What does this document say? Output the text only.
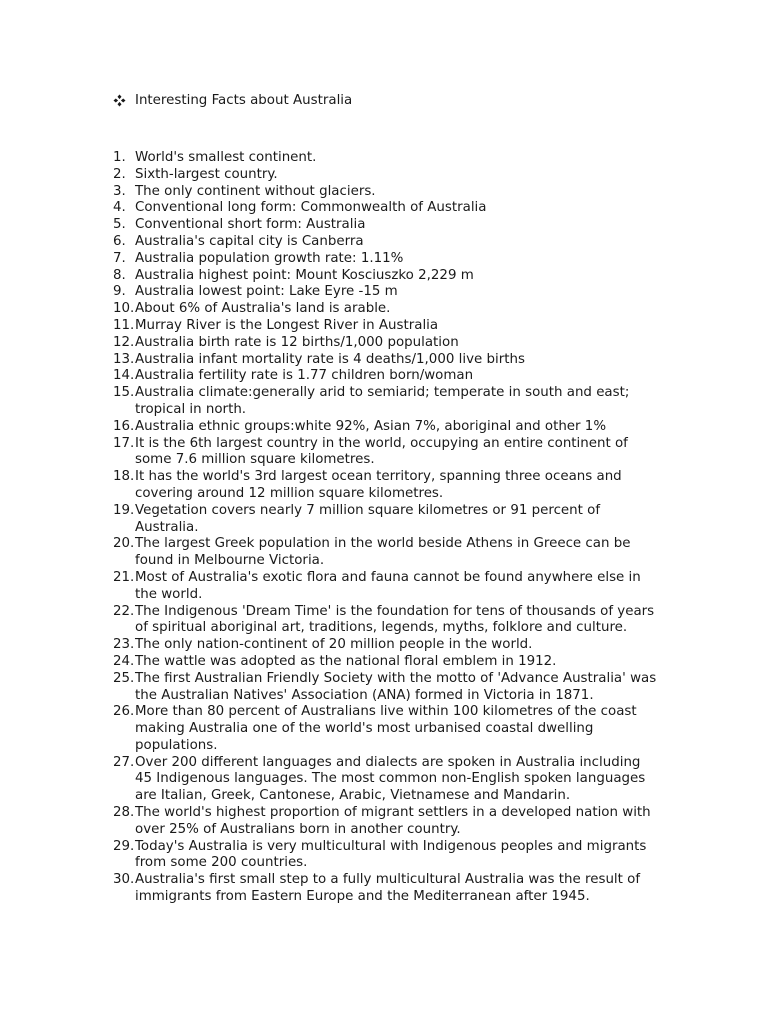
Interesting Facts about Australia
1. World's smallest continent.
2. Sixth-largest country.
3. The only continent without glaciers.
4. Conventional long form: Commonwealth of Australia
5. Conventional short form: Australia
6. Australia's capital city is Canberra
7. Australia population growth rate: 1.11%
8. Australia highest point: Mount Kosciuszko 2,229 m
9. Australia lowest point: Lake Eyre -15 m
10. About 6% of Australia's land is arable.
11. Murray River is the Longest River in Australia
12. Australia birth rate is 12 births/1,000 population
13. Australia infant mortality rate is 4 deaths/1,000 live births
14. Australia fertility rate is 1.77 children born/woman
15. Australia climate:generally arid to semiarid; temperate in south and east;
tropical in north.
16. Australia ethnic groups:white 92%, Asian 7%, aboriginal and other 1%
17. It is the 6th largest country in the world, occupying an entire continent of
some 7.6 million square kilometres.
18. It has the world's 3rd largest ocean territory, spanning three oceans and
covering around 12 million square kilometres.
19. Vegetation covers nearly 7 million square kilometres or 91 percent of
Australia.
20. The largest Greek population in the world beside Athens in Greece can be
found in Melbourne Victoria.
21. Most of Australia's exotic flora and fauna cannot be found anywhere else in
the world.
22. The Indigenous 'Dream Time' is the foundation for tens of thousands of years
of spiritual aboriginal art, traditions, legends, myths, folklore and culture.
23. The only nation-continent of 20 million people in the world.
24. The wattle was adopted as the national floral emblem in 1912.
25. The first Australian Friendly Society with the motto of 'Advance Australia' was
the Australian Natives' Association (ANA) formed in Victoria in 1871.
26. More than 80 percent of Australians live within 100 kilometres of the coast
making Australia one of the world's most urbanised coastal dwelling
populations.
27. Over 200 different languages and dialects are spoken in Australia including
45 Indigenous languages. The most common non-English spoken languages
are Italian, Greek, Cantonese, Arabic, Vietnamese and Mandarin.
28. The world's highest proportion of migrant settlers in a developed nation with
over 25% of Australians born in another country.
29. Today's Australia is very multicultural with Indigenous peoples and migrants
from some 200 countries.
30. Australia's first small step to a fully multicultural Australia was the result of
immigrants from Eastern Europe and the Mediterranean after 1945.
